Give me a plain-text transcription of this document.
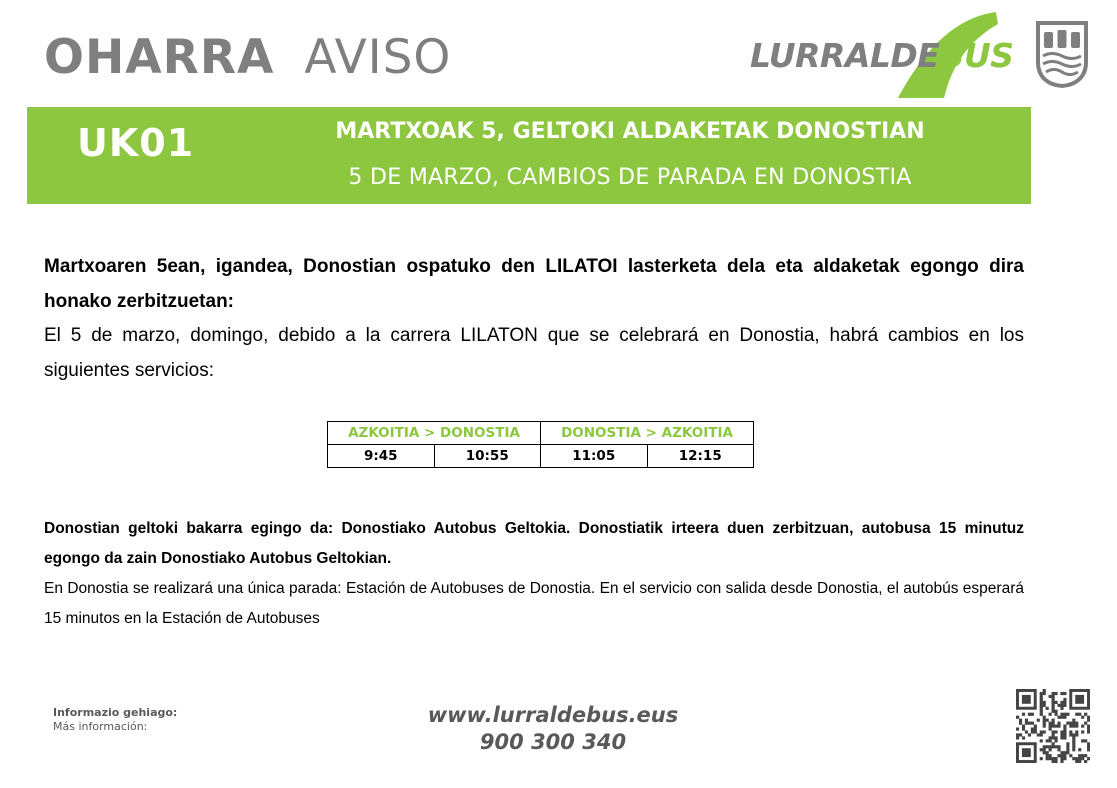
OHARRA AVISO	LURRALDEBUS
UK01	MARTXOAK 5, GELTOKI ALDAKETAK DONOSTIAN
5 DE MARZO, CAMBIOS DE PARADA EN DONOSTIA

Martxoaren 5ean, igandea, Donostian ospatuko den LILATOI lasterketa dela eta aldaketak egongo dira honako zerbitzuetan:

El 5 de marzo, domingo, debido a la carrera LILATON que se celebrará en Donostia, habrá cambios en los siguientes servicios:

AZKOITIA > DONOSTIA		DONOSTIA > AZKOITIA	
9:45	10:55	11:05	12:15

Donostian geltoki bakarra egingo da: Donostiako Autobus Geltokia. Donostiatik irteera duen zerbitzuan, autobusa 15 minutuz egongo da zain Donostiako Autobus Geltokian.

En Donostia se realizará una única parada: Estación de Autobuses de Donostia. En el servicio con salida desde Donostia, el autobús esperará 15 minutos en la Estación de Autobuses

Informazio gehiago:
Más información:	www.lurraldebus.eus
900 300 340
